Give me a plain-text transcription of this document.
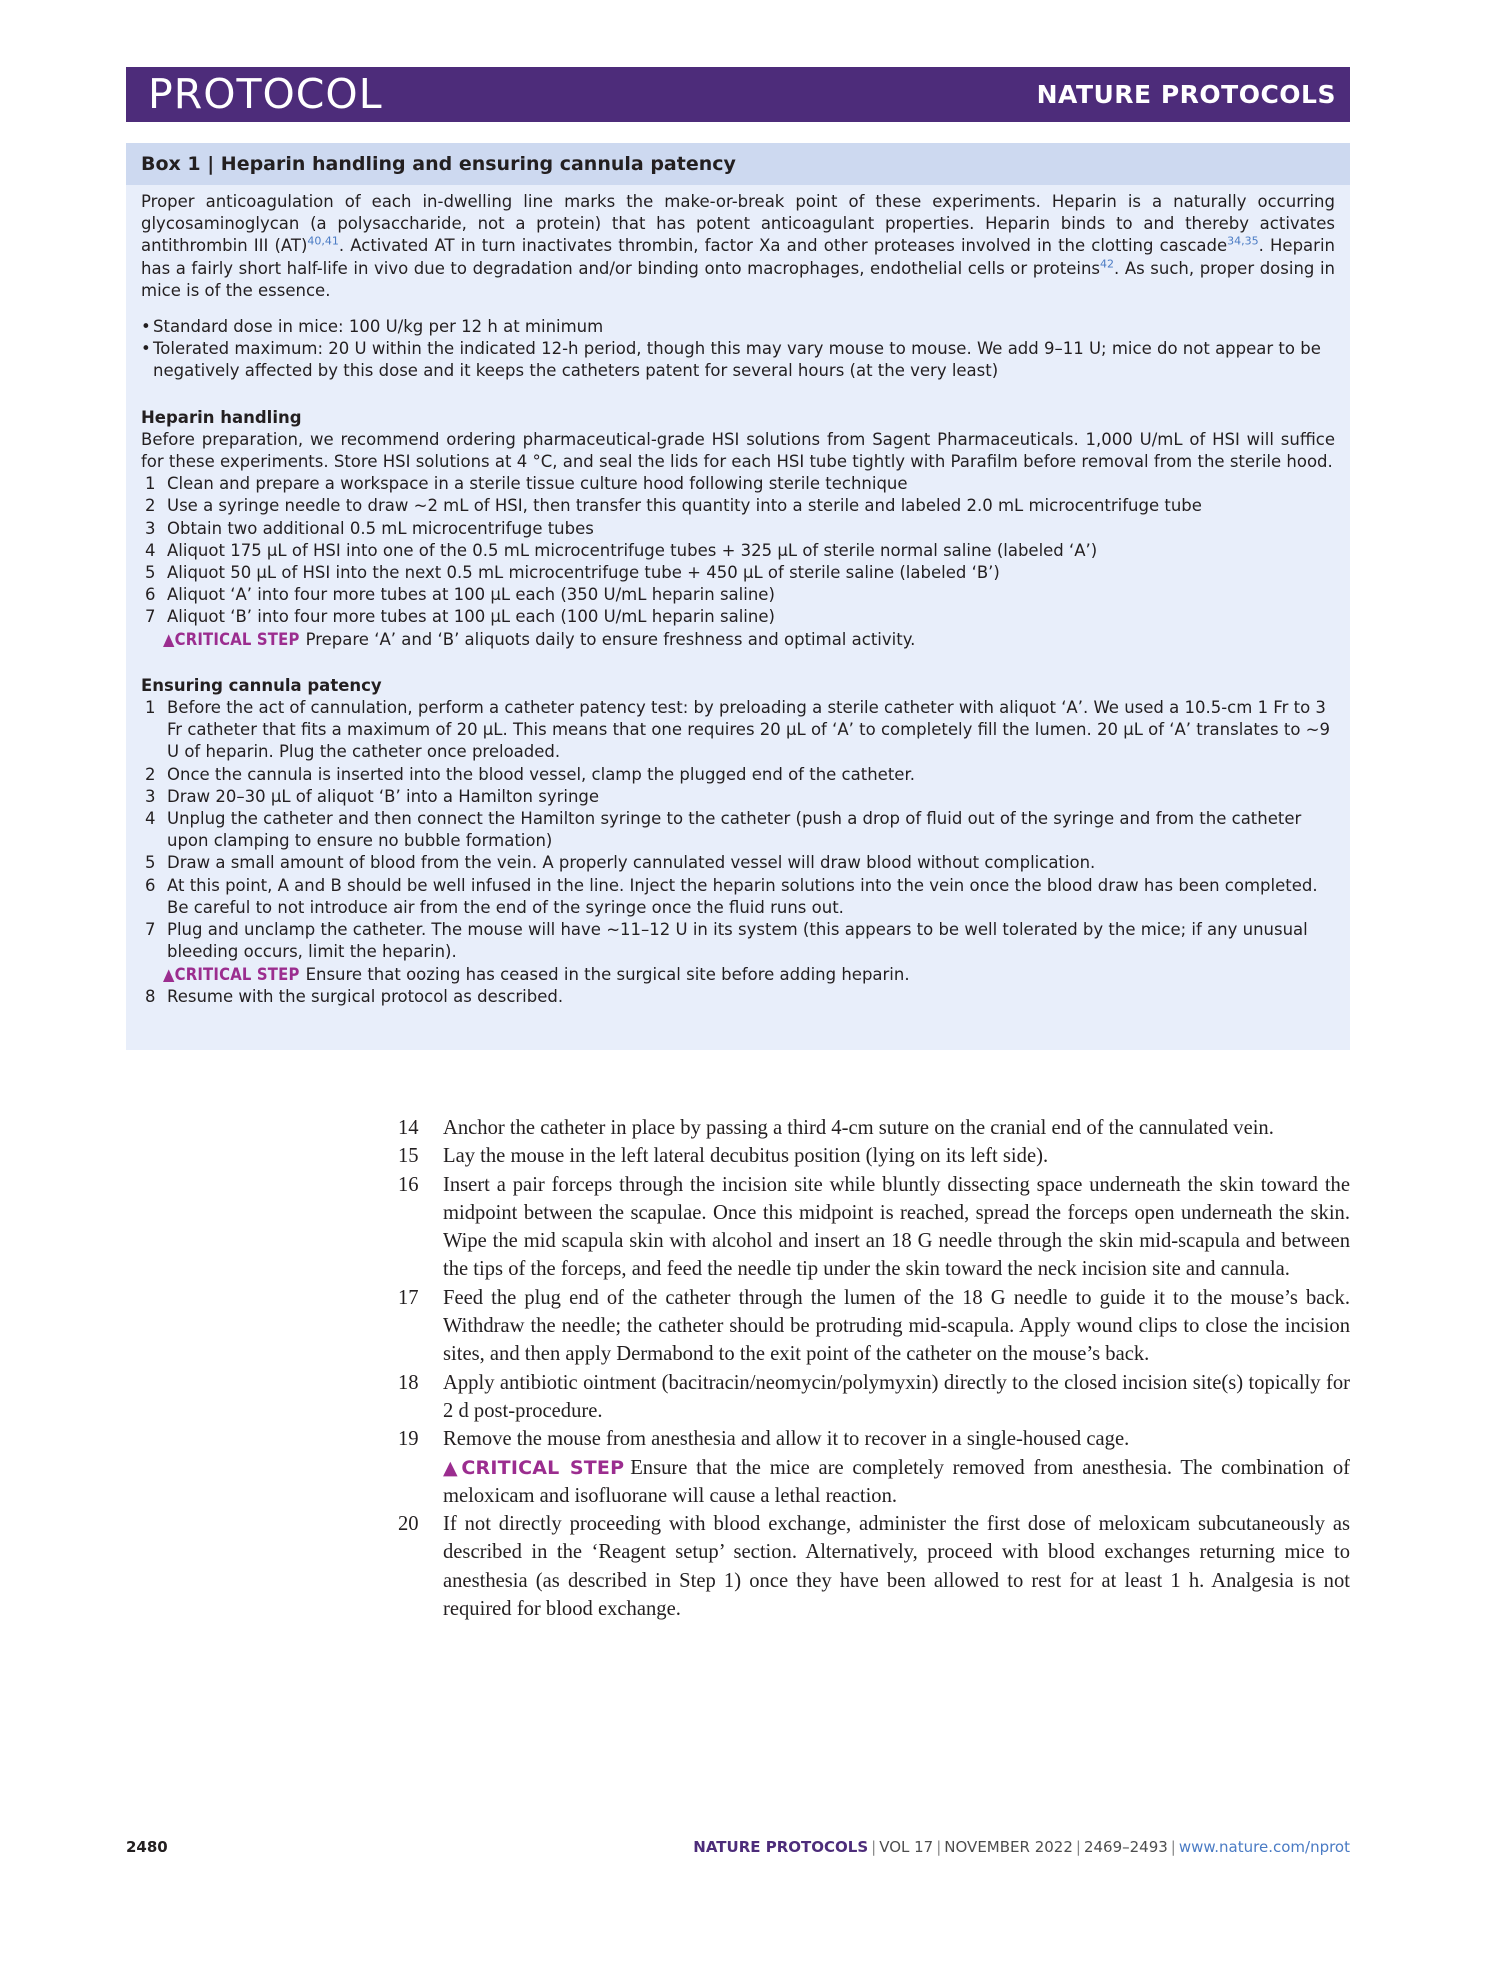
PROTOCOL	NATURE PROTOCOLS
Box 1 | Heparin handling and ensuring cannula patency

Proper anticoagulation of each in-dwelling line marks the make-or-break point of these experiments. Heparin is a naturally occurring glycosaminoglycan (a polysaccharide, not a protein) that has potent anticoagulant properties. Heparin binds to and thereby activates antithrombin III (AT)$^{40,41}$. Activated AT in turn inactivates thrombin, factor Xa and other proteases involved in the clotting cascade$^{34,35}$. Heparin has a fairly short half-life in vivo due to degradation and/or binding onto macrophages, endothelial cells or proteins$^{42}$. As such, proper dosing in mice is of the essence.

• Standard dose in mice: 100 U/kg per 12 h at minimum
• Tolerated maximum: 20 U within the indicated 12-h period, though this may vary mouse to mouse. We add 9–11 U; mice do not appear to be negatively affected by this dose and it keeps the catheters patent for several hours (at the very least)
Heparin handling

Before preparation, we recommend ordering pharmaceutical-grade HSI solutions from Sagent Pharmaceuticals. 1,000 U/mL of HSI will suffice for these experiments. Store HSI solutions at 4 °C, and seal the lids for each HSI tube tightly with Parafilm before removal from the sterile hood.

1 Clean and prepare a workspace in a sterile tissue culture hood following sterile technique
2 Use a syringe needle to draw ~2 mL of HSI, then transfer this quantity into a sterile and labeled 2.0 mL microcentrifuge tube
3 Obtain two additional 0.5 mL microcentrifuge tubes
4 Aliquot 175 μL of HSI into one of the 0.5 mL microcentrifuge tubes + 325 μL of sterile normal saline (labeled ‘A’)
5 Aliquot 50 μL of HSI into the next 0.5 mL microcentrifuge tube + 450 μL of sterile saline (labeled ‘B’)
6 Aliquot ‘A’ into four more tubes at 100 μL each (350 U/mL heparin saline)
7 Aliquot ‘B’ into four more tubes at 100 μL each (100 U/mL heparin saline)
▲CRITICAL STEP Prepare ‘A’ and ‘B’ aliquots daily to ensure freshness and optimal activity.
Ensuring cannula patency
1 Before the act of cannulation, perform a catheter patency test: by preloading a sterile catheter with aliquot ‘A’. We used a 10.5-cm 1 Fr to 3 Fr catheter that fits a maximum of 20 μL. This means that one requires 20 μL of ‘A’ to completely fill the lumen. 20 μL of ‘A’ translates to ~9 U of heparin. Plug the catheter once preloaded.
2 Once the cannula is inserted into the blood vessel, clamp the plugged end of the catheter.
3 Draw 20–30 μL of aliquot ‘B’ into a Hamilton syringe
4 Unplug the catheter and then connect the Hamilton syringe to the catheter (push a drop of fluid out of the syringe and from the catheter upon clamping to ensure no bubble formation)
5 Draw a small amount of blood from the vein. A properly cannulated vessel will draw blood without complication.
6 At this point, A and B should be well infused in the line. Inject the heparin solutions into the vein once the blood draw has been completed. Be careful to not introduce air from the end of the syringe once the fluid runs out.
7 Plug and unclamp the catheter. The mouse will have ~11–12 U in its system (this appears to be well tolerated by the mice; if any unusual bleeding occurs, limit the heparin).
▲CRITICAL STEP Ensure that oozing has ceased in the surgical site before adding heparin.
8 Resume with the surgical protocol as described.
14	Anchor the catheter in place by passing a third 4-cm suture on the cranial end of the cannulated vein.
15	Lay the mouse in the left lateral decubitus position (lying on its left side).
16	Insert a pair forceps through the incision site while bluntly dissecting space underneath the skin toward the midpoint between the scapulae. Once this midpoint is reached, spread the forceps open underneath the skin. Wipe the mid scapula skin with alcohol and insert an 18 G needle through the skin mid-scapula and between the tips of the forceps, and feed the needle tip under the skin toward the neck incision site and cannula.
17	Feed the plug end of the catheter through the lumen of the 18 G needle to guide it to the mouse’s back. Withdraw the needle; the catheter should be protruding mid-scapula. Apply wound clips to close the incision sites, and then apply Dermabond to the exit point of the catheter on the mouse’s back.
18	Apply antibiotic ointment (bacitracin/neomycin/polymyxin) directly to the closed incision site(s) topically for 2 d post-procedure.
19	Remove the mouse from anesthesia and allow it to recover in a single-housed cage.
▲CRITICAL STEP Ensure that the mice are completely removed from anesthesia. The combination of meloxicam and isofluorane will cause a lethal reaction.
20	If not directly proceeding with blood exchange, administer the first dose of meloxicam subcutaneously as described in the ‘Reagent setup’ section. Alternatively, proceed with blood exchanges returning mice to anesthesia (as described in Step 1) once they have been allowed to rest for at least 1 h. Analgesia is not required for blood exchange.
2480	NATURE PROTOCOLS | VOL 17 | NOVEMBER 2022 | 2469–2493 | www.nature.com/nprot
